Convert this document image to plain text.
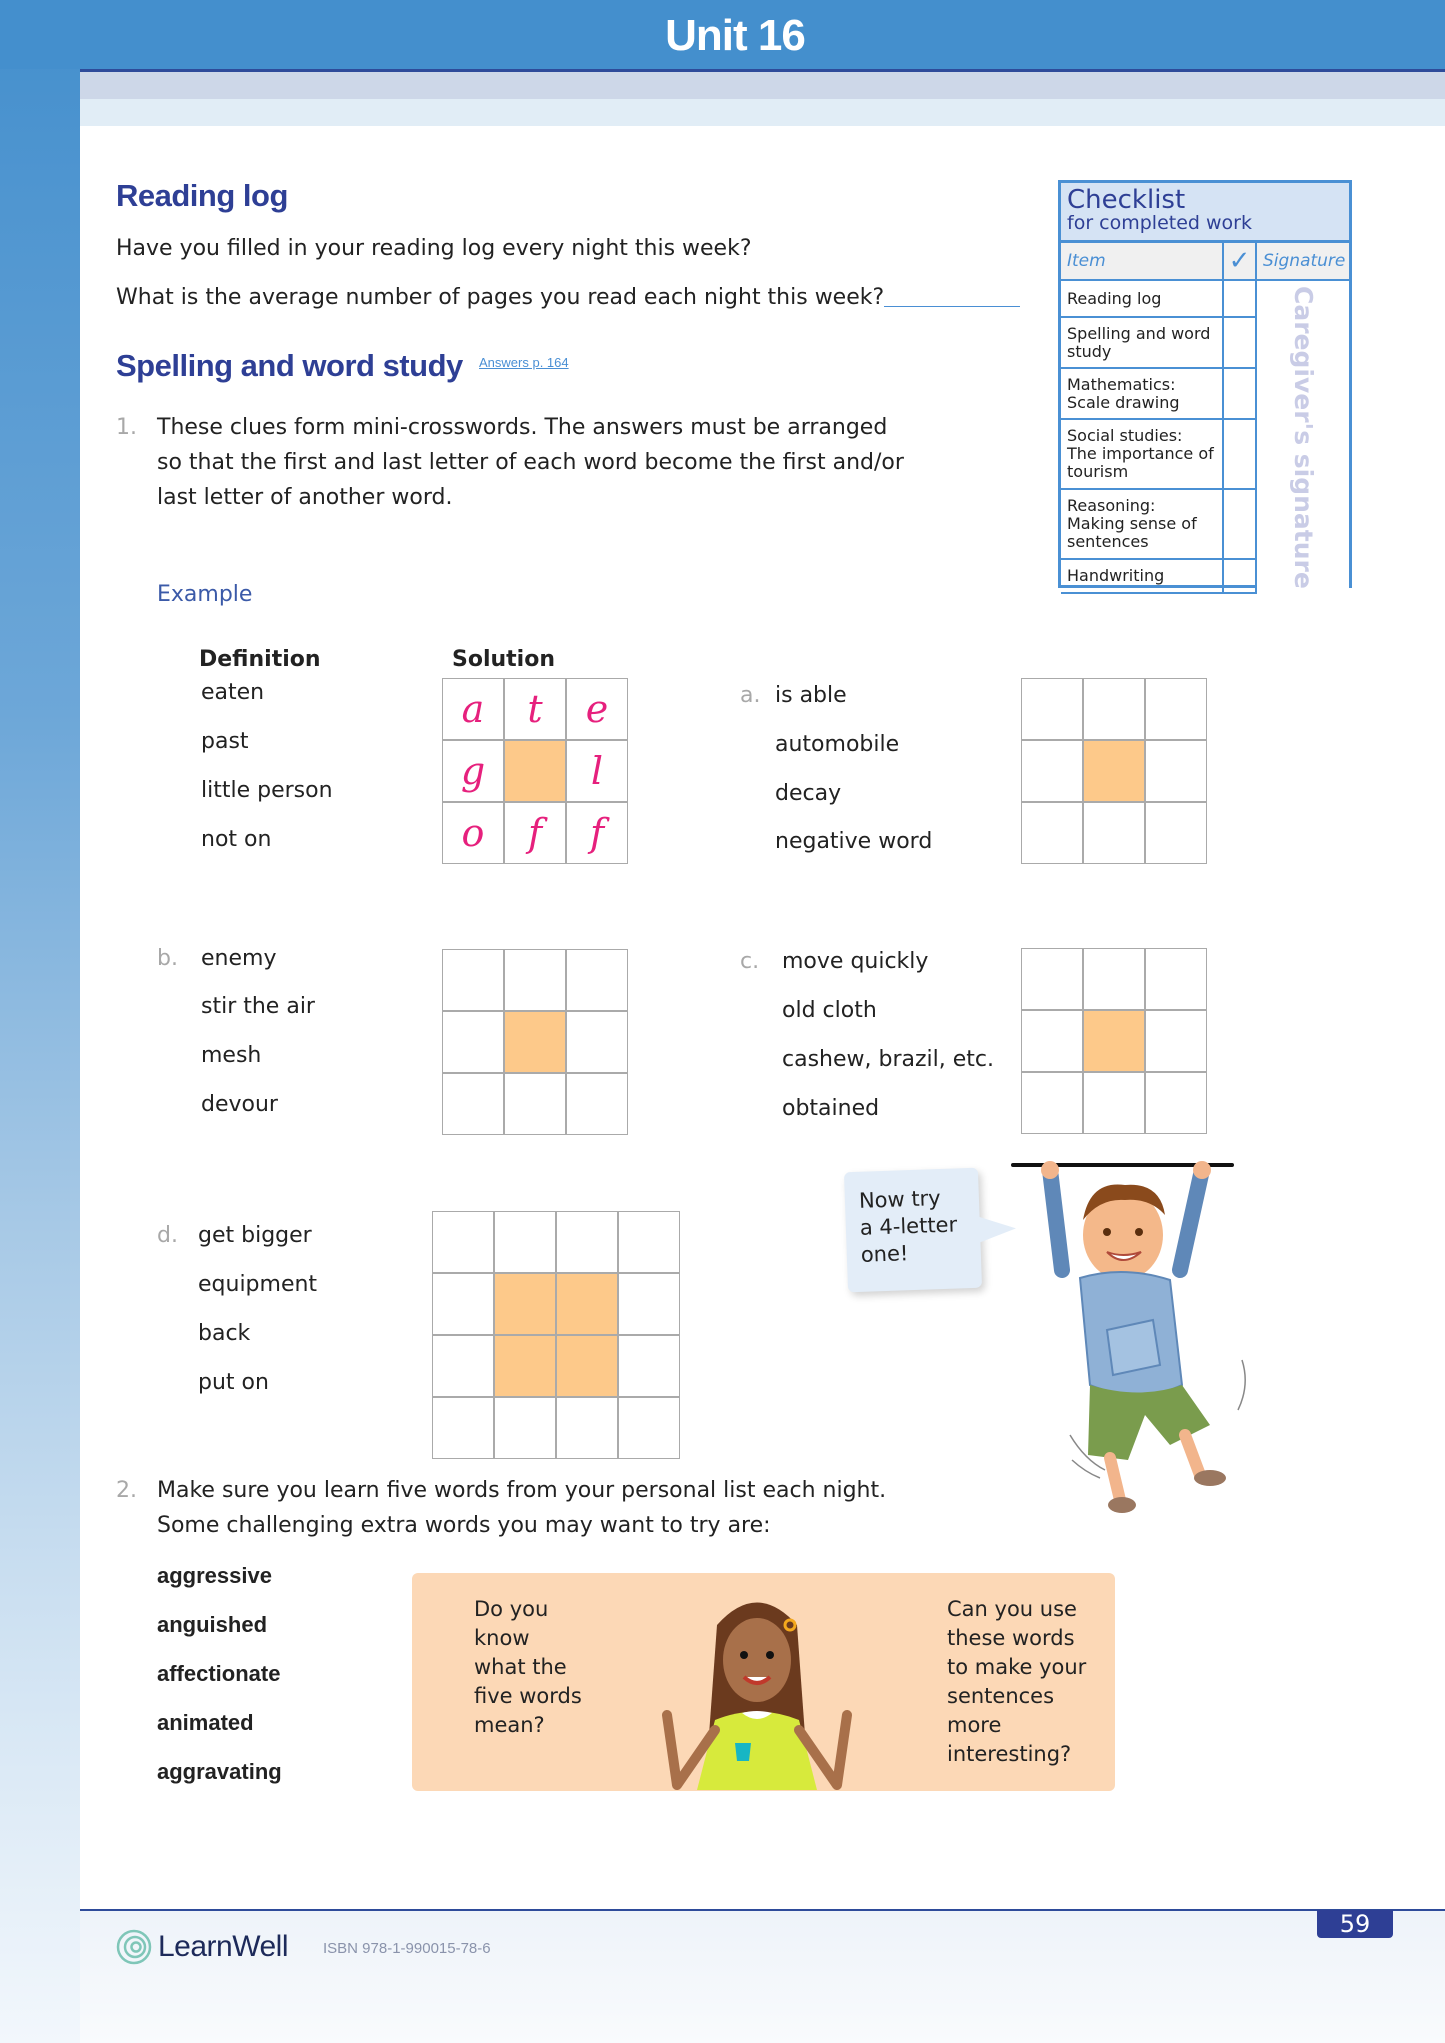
Unit 16
Reading log
Have you filled in your reading log every night this week?
What is the average number of pages you read each night this week?
Spelling and word study Answers p. 164
1. These clues form mini-crosswords. The answers must be arranged
so that the first and last letter of each word become the first and/or
last letter of another word.
Example
Definition	Solution
eaten
past
little person
not on
a t e
g	l
o f f
a. is able
automobile
decay
negative word
b. enemy
stir the air
mesh
devour
c. move quickly
old cloth
cashew, brazil, etc.
obtained
d. get bigger
equipment
back
put on
Now try
a 4-letter
one!
2. Make sure you learn five words from your personal list each night.
Some challenging extra words you may want to try are:
aggressive
anguished
affectionate
animated
aggravating
Do you
know
what the
five words
mean?
Can you use
these words
to make your
sentences
more
interesting?
Checklist
for completed work
Item	✓ Signature
Reading log
Spelling and word study
Mathematics: Scale drawing
Social studies: The importance of tourism
Reasoning: Making sense of sentences
Handwriting	Caregiver's signature
59
LearnWell ISBN 978-1-990015-78-6
